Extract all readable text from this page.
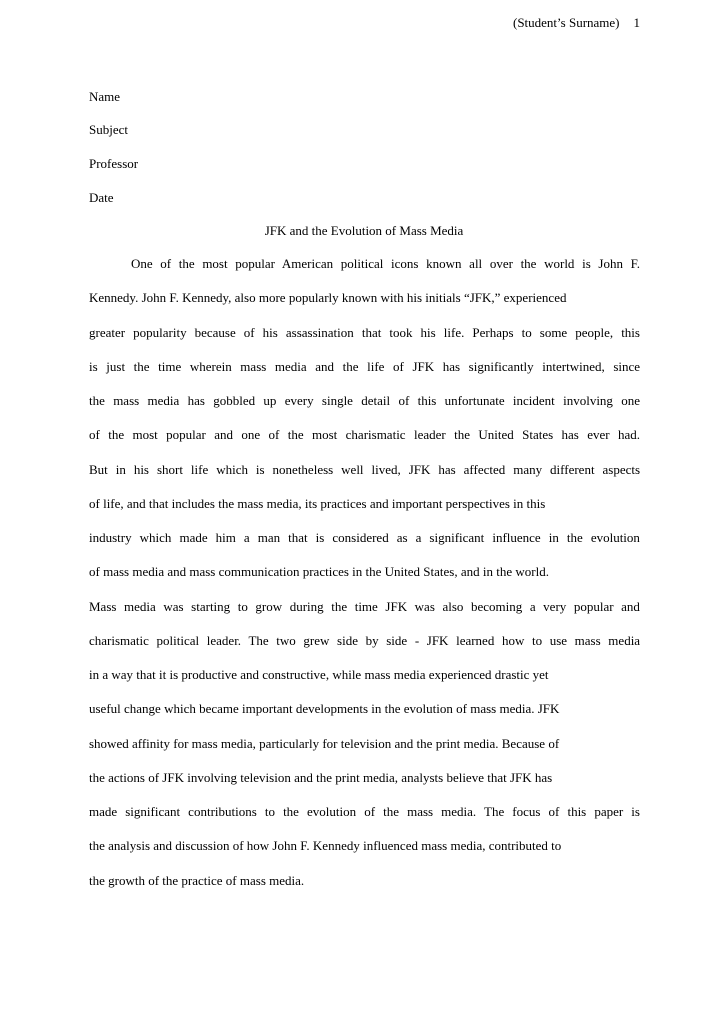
(Student’s Surname) 1
Name
Subject
Professor
Date
JFK and the Evolution of Mass Media
One of the most popular American political icons known all over the world is John F.
Kennedy. John F. Kennedy, also more popularly known with his initials “JFK,” experienced
greater popularity because of his assassination that took his life. Perhaps to some people, this
is just the time wherein mass media and the life of JFK has significantly intertwined, since
the mass media has gobbled up every single detail of this unfortunate incident involving one
of the most popular and one of the most charismatic leader the United States has ever had.
But in his short life which is nonetheless well lived, JFK has affected many different aspects
of life, and that includes the mass media, its practices and important perspectives in this
industry which made him a man that is considered as a significant influence in the evolution
of mass media and mass communication practices in the United States, and in the world.
Mass media was starting to grow during the time JFK was also becoming a very popular and
charismatic political leader. The two grew side by side - JFK learned how to use mass media
in a way that it is productive and constructive, while mass media experienced drastic yet
useful change which became important developments in the evolution of mass media. JFK
showed affinity for mass media, particularly for television and the print media. Because of
the actions of JFK involving television and the print media, analysts believe that JFK has
made significant contributions to the evolution of the mass media. The focus of this paper is
the analysis and discussion of how John F. Kennedy influenced mass media, contributed to
the growth of the practice of mass media.
